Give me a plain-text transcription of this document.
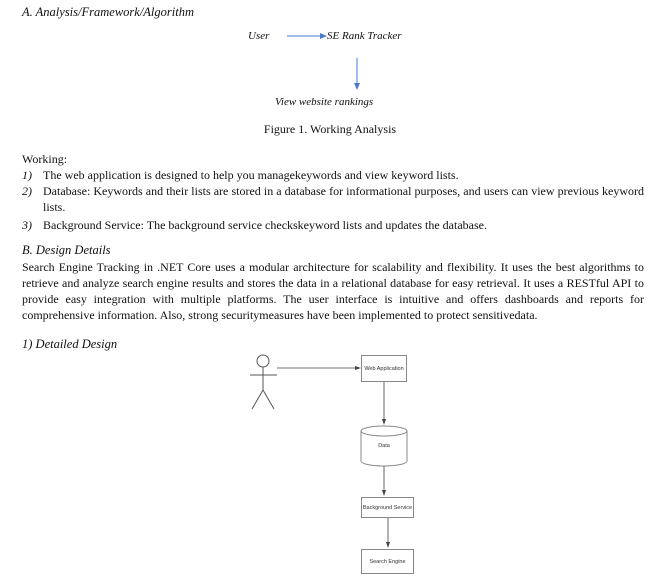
A. Analysis/Framework/Algorithm
User	SE Rank Tracker
View website rankings
Figure 1. Working Analysis
Working:
1) The web application is designed to help you managekeywords and view keyword lists.
2) Database: Keywords and their lists are stored in a database for informational purposes, and users can view previous keyword lists.
3) Background Service: The background service checkskeyword lists and updates the database.
B. Design Details
Search Engine Tracking in .NET Core uses a modular architecture for scalability and flexibility. It uses the best algorithms to retrieve and analyze search engine results and stores the data in a relational database for easy retrieval. It uses a RESTful API to provide easy integration with multiple platforms. The user interface is intuitive and offers dashboards and reports for comprehensive information. Also, strong securitymeasures have been implemented to protect sensitivedata.
1) Detailed Design
Web Application
Data
Background Service
Search Engine
